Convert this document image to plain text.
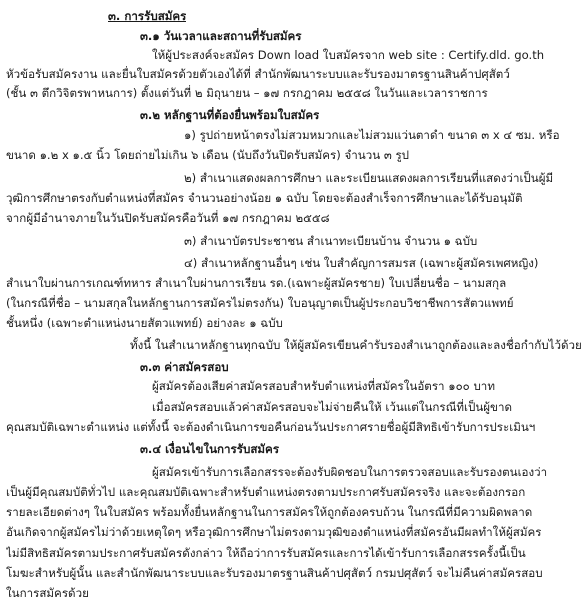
๓. การรับสมัคร
๓.๑ วันเวลาและสถานที่รับสมัคร
ให้ผู้ประสงค์จะสมัคร Down load ใบสมัครจาก web site : Certify.dld. go.th
หัวข้อรับสมัครงาน และยื่นใบสมัครด้วยตัวเองได้ที่ สำนักพัฒนาระบบและรับรองมาตรฐานสินค้าปศุสัตว์
(ชั้น ๓ ตึกวิจิตรพาหนการ) ตั้งแต่วันที่ ๒ มิถุนายน – ๑๗ กรกฎาคม ๒๕๕๘ ในวันและเวลาราชการ
๓.๒ หลักฐานที่ต้องยื่นพร้อมใบสมัคร
๑) รูปถ่ายหน้าตรงไม่สวมหมวกและไม่สวมแว่นตาดำ ขนาด ๓ x ๔ ซม. หรือ
ขนาด ๑.๒ x ๑.๕ นิ้ว โดยถ่ายไม่เกิน ๖ เดือน (นับถึงวันปิดรับสมัคร) จำนวน ๓ รูป
๒) สำเนาแสดงผลการศึกษา และระเบียนแสดงผลการเรียนที่แสดงว่าเป็นผู้มี
วุฒิการศึกษาตรงกับตำแหน่งที่สมัคร จำนวนอย่างน้อย ๑ ฉบับ โดยจะต้องสำเร็จการศึกษาและได้รับอนุมัติ
จากผู้มีอำนาจภายในวันปิดรับสมัครคือวันที่ ๑๗ กรกฎาคม ๒๕๕๘
๓) สำเนาบัตรประชาชน สำเนาทะเบียนบ้าน จำนวน ๑ ฉบับ
๔) สำเนาหลักฐานอื่นๆ เช่น ใบสำคัญการสมรส (เฉพาะผู้สมัครเพศหญิง)
สำเนาใบผ่านการเกณฑ์ทหาร สำเนาใบผ่านการเรียน รด.(เฉพาะผู้สมัครชาย) ใบเปลี่ยนชื่อ – นามสกุล
(ในกรณีที่ชื่อ – นามสกุลในหลักฐานการสมัครไม่ตรงกัน) ใบอนุญาตเป็นผู้ประกอบวิชาชีพการสัตวแพทย์
ชั้นหนึ่ง (เฉพาะตำแหน่งนายสัตวแพทย์) อย่างละ ๑ ฉบับ
ทั้งนี้ ในสำเนาหลักฐานทุกฉบับ ให้ผู้สมัครเขียนคำรับรองสำเนาถูกต้องและลงชื่อกำกับไว้ด้วย
๓.๓ ค่าสมัครสอบ
ผู้สมัครต้องเสียค่าสมัครสอบสำหรับตำแหน่งที่สมัครในอัตรา ๑๐๐ บาท
เมื่อสมัครสอบแล้วค่าสมัครสอบจะไม่จ่ายคืนให้ เว้นแต่ในกรณีที่เป็นผู้ขาด
คุณสมบัติเฉพาะตำแหน่ง แต่ทั้งนี้ จะต้องดำเนินการขอคืนก่อนวันประกาศรายชื่อผู้มีสิทธิเข้ารับการประเมินฯ
๓.๔ เงื่อนไขในการรับสมัคร
ผู้สมัครเข้ารับการเลือกสรรจะต้องรับผิดชอบในการตรวจสอบและรับรองตนเองว่า
เป็นผู้มีคุณสมบัติทั่วไป และคุณสมบัติเฉพาะสำหรับตำแหน่งตรงตามประกาศรับสมัครจริง และจะต้องกรอก
รายละเอียดต่างๆ ในใบสมัคร พร้อมทั้งยื่นหลักฐานในการสมัครให้ถูกต้องครบถ้วน ในกรณีที่มีความผิดพลาด
อันเกิดจากผู้สมัครไม่ว่าด้วยเหตุใดๆ หรือวุฒิการศึกษาไม่ตรงตามวุฒิของตำแหน่งที่สมัครอันมีผลทำให้ผู้สมัคร
ไม่มีสิทธิสมัครตามประกาศรับสมัครดังกล่าว ให้ถือว่าการรับสมัครและการได้เข้ารับการเลือกสรรครั้งนี้เป็น
โมฆะสำหรับผู้นั้น และสำนักพัฒนาระบบและรับรองมาตรฐานสินค้าปศุสัตว์ กรมปศุสัตว์ จะไม่คืนค่าสมัครสอบ
ในการสมัครด้วย
